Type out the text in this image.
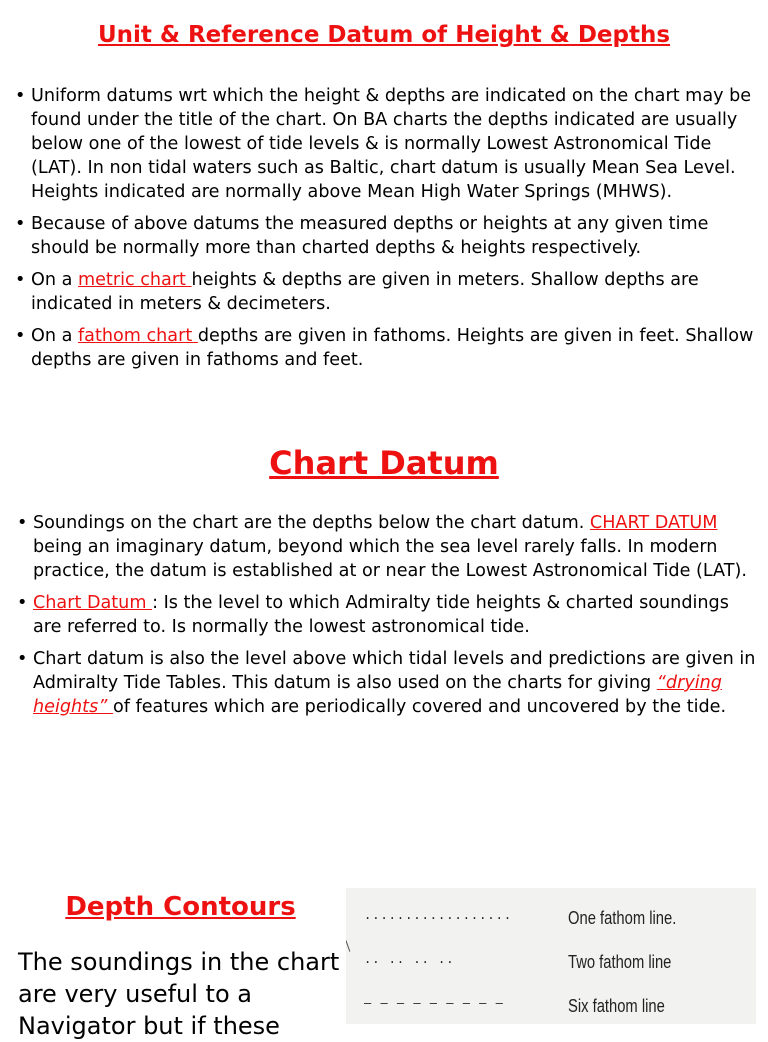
Unit & Reference Datum of Height & Depths
• Uniform datums wrt which the height & depths are indicated on the chart may be found under the title of the chart. On BA charts the depths indicated are usually below one of the lowest of tide levels & is normally Lowest Astronomical Tide (LAT). In non tidal waters such as Baltic, chart datum is usually Mean Sea Level. Heights indicated are normally above Mean High Water Springs (MHWS).
• Because of above datums the measured depths or heights at any given time should be normally more than charted depths & heights respectively.
• On a metric chart heights & depths are given in meters. Shallow depths are indicated in meters & decimeters.
• On a fathom chart depths are given in fathoms. Heights are given in feet. Shallow depths are given in fathoms and feet.
Chart Datum
• Soundings on the chart are the depths below the chart datum. CHART DATUM being an imaginary datum, beyond which the sea level rarely falls. In modern practice, the datum is established at or near the Lowest Astronomical Tide (LAT).
• Chart Datum : Is the level to which Admiralty tide heights & charted soundings are referred to. Is normally the lowest astronomical tide.
• Chart datum is also the level above which tidal levels and predictions are given in Admiralty Tide Tables. This datum is also used on the charts for giving “drying heights” of features which are periodically covered and uncovered by the tide.
Depth Contours

The soundings in the chart are very useful to a Navigator but if these

..................	One fathom line.
.. .. .. ..	Two fathom line
– – – – – – – – –	Six fathom line
